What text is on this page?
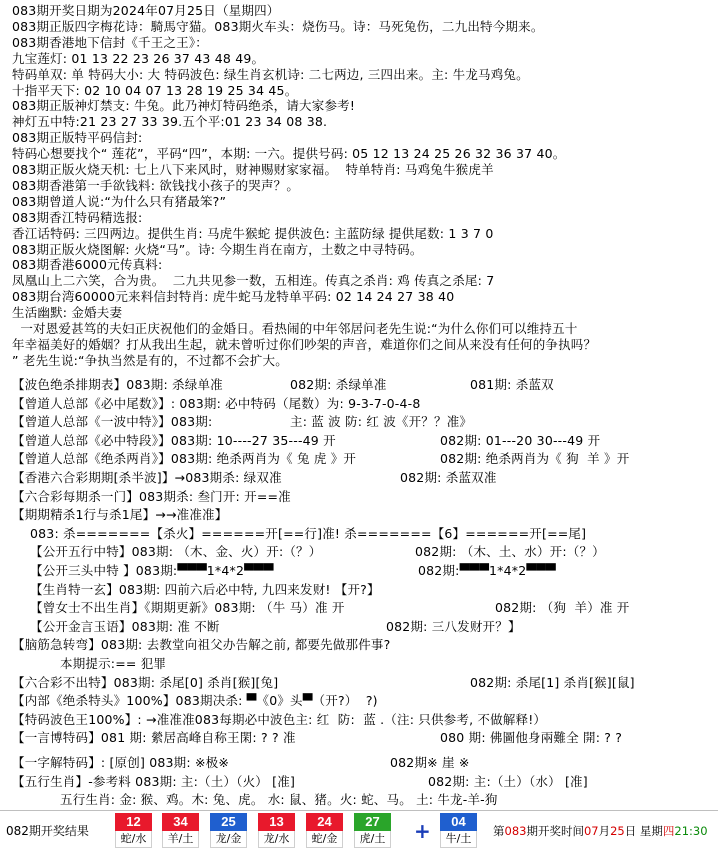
083期开奖日期为2024年07月25日（星期四）
083期正版四字梅花诗：騎馬守猫。083期火车头：烧伤马。诗：马死兔伤，二九出特今期来。
083期香港地下信封《千王之王》：
九宝莲灯: 01 13 22 23 26 37 43 48 49。
特码单双: 单 特码大小: 大 特码波色: 绿生肖玄机诗: 二七两边, 三四出来。主: 牛龙马鸡兔。
十指平天下: 02 10 04 07 13 28 19 25 34 45。
083期正版神灯禁支: 牛兔。此乃神灯特码绝杀，请大家参考!
神灯五中特:21 23 27 33 39.五个平:01 23 34 08 38.
083期正版特平码信封:
特码心想要找个“ 莲花”，平码“四”，本期: 一六。提供号码: 05 12 13 24 25 26 32 36 37 40。
083期正版火烧天机: 七上八下来风时，财神赐财家家福。  特单特肖: 马鸡兔牛猴虎羊
083期香港第一手欲钱料: 欲钱找小孩子的哭声？。
083期曾道人说:“为什么只有猪最笨?”
083期香江特码精选报:
香江话特码: 三四两边。提供生肖: 马虎牛猴蛇 提供波色: 主蓝防绿 提供尾数: 1 3 7 0
083期正版火烧图解: 火烧“马”。诗: 今期生肖在南方，土数之中寻特码。
083期香港6000元传真料:
凤凰山上二六笑，合为贵。  二九共见参一数，五相连。传真之杀肖: 鸡 传真之杀尾: 7
083期台湾60000元来料信封特肖: 虎牛蛇马龙特单平码: 02 14 24 27 38 40
生活幽默: 金婚夫妻
一对恩爱甚笃的夫妇正庆祝他们的金婚日。看热闹的中年邻居问老先生说:“为什么你们可以维持五十
年幸福美好的婚姻？打从我出生起，就未曾听过你们吵架的声音，难道你们之间从来没有任何的争执吗？
” 老先生说:“争执当然是有的，不过都不会扩大。
【波色绝杀排期表】083期: 杀绿单准	082期: 杀绿单准	081期: 杀蓝双
【曾道人总部《必中尾数》】: 083期: 必中特码（尾数）为: 9-3-7-0-4-8
【曾道人总部《一波中特》】083期:	主: 蓝 波 防: 红 波《开？？准》
【曾道人总部《必中特段》】083期: 10----27 35---49 开	082期: 01---20 30---49 开
【曾道人总部《绝杀两肖》】083期: 绝杀两肖为《 兔 虎 》开	082期: 绝杀两肖为《 狗  羊 》开
【香港六合彩期期[杀半波]】→083期杀: 绿双准	082期: 杀蓝双准
【六合彩每期杀一门】083期杀: 叁门开: 开==准
【期期精杀1行与杀1尾】→→准准准】
083: 杀=======【杀火】======开[==行]准! 杀=======【6】======开[==尾]
【公开五行中特】083期: （木、金、火）开:（？）	082期: （木、土、水）开:（？）
【公开三头中特 】083期:▀▀▀1*4*2▀▀▀	082期:▀▀▀1*4*2▀▀▀
【生肖特一玄】083期: 四前六后必中特, 九四来发财! 【开?】
【曾女士不出生肖】《期期更新》083期: （牛 马）准 开	082期: （狗  羊）准 开
【公开金言玉语】083期: 准 不断	082期: 三八发财开？】
【脑筋急转弯】083期: 去教堂向祖父办告解之前, 都要先做那件事?
本期提示:== 犯罪
【六合彩不出特】083期: 杀尾[0] 杀肖[猴][兔]	082期: 杀尾[1] 杀肖[猴][鼠]
【内部《绝杀特头》100%】083期决杀: ▀《0》头▀（开?）  ?)
【特码波色王100%】: →准准准083每期必中波色主: 红  防:  蓝 .（注: 只供参考, 不做解释!）
【一言博特码】081 期: 縈居高峰自称王閑: ? ? 准	080 期: 佛圖他身兩難全 開: ? ?
【一字解特码】: [原创] 083期: ※极※	082期※ 崖 ※
【五行生肖】-参考料 083期: 主:（土）（火） [准]	082期: 主:（土）（水） [准]
五行生肖: 金: 猴、鸡。木: 兔、虎。 水: 鼠、猪。火: 蛇、马。 土: 牛龙-羊-狗
082期开奖结果
12
蛇/水
34
羊/土
25
龙/金
13
龙/水
24
蛇/金
27
虎/土 +	04
牛/土
第083期开奖时间07月25日 星期四21:30
